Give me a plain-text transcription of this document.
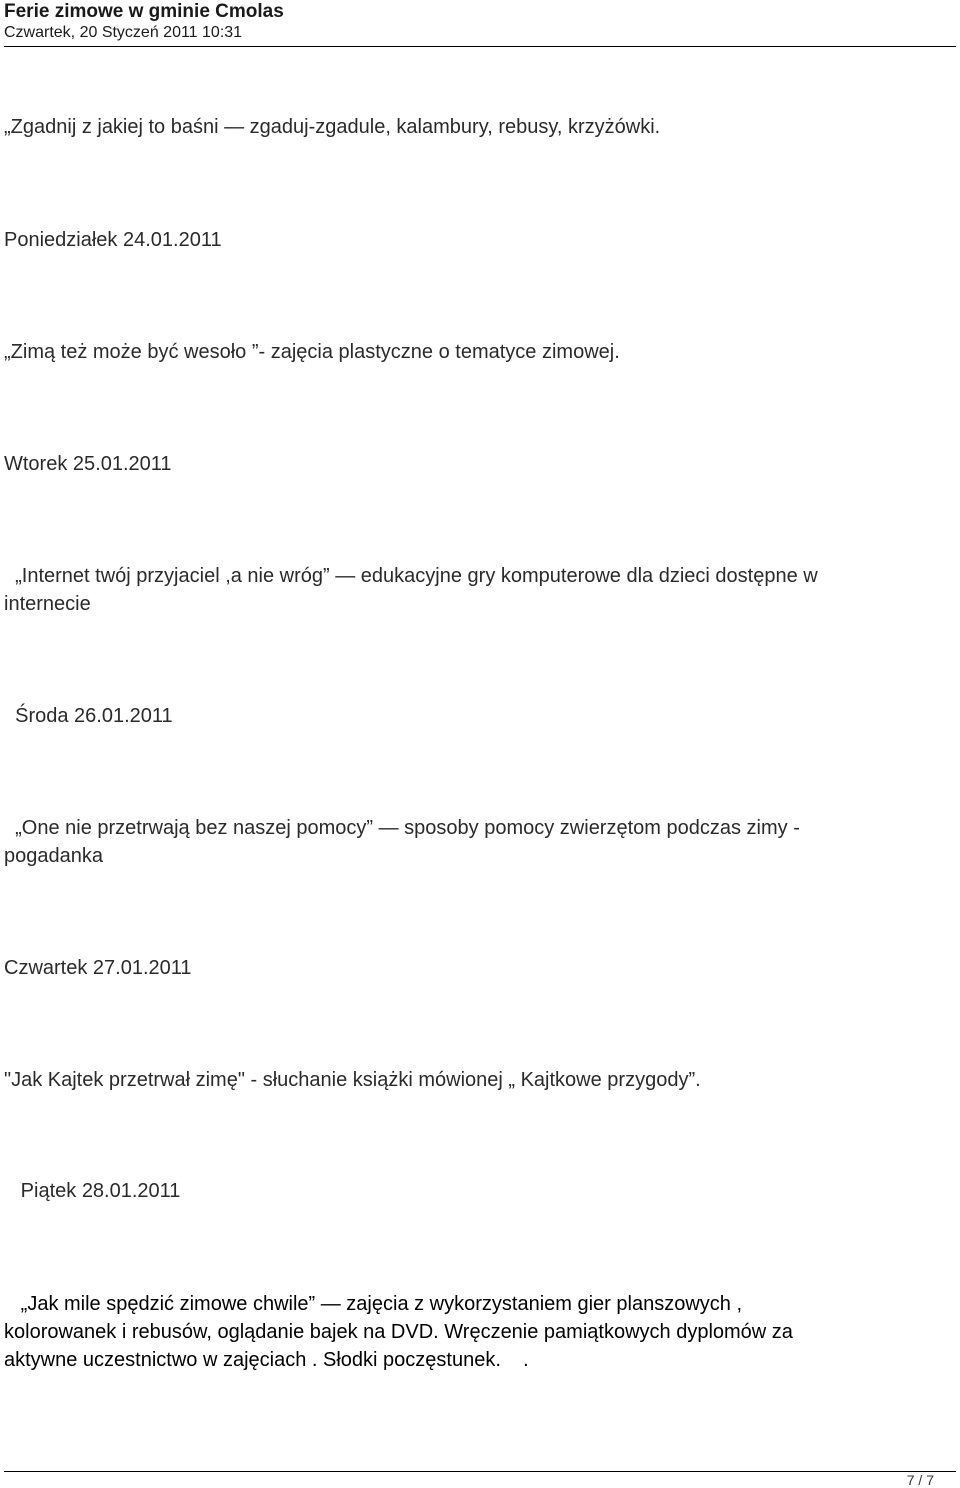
Ferie zimowe w gminie Cmolas
Czwartek, 20 Styczeń 2011 10:31
„Zgadnij z jakiej to baśni — zgaduj-zgadule, kalambury, rebusy, krzyżówki.
Poniedziałek 24.01.2011
„Zimą też może być wesoło ”- zajęcia plastyczne o tematyce zimowej.
Wtorek 25.01.2011
„Internet twój przyjaciel ,a nie wróg” — edukacyjne gry komputerowe dla dzieci dostępne w
internecie
Środa 26.01.2011
„One nie przetrwają bez naszej pomocy” — sposoby pomocy zwierzętom podczas zimy -
pogadanka
Czwartek 27.01.2011
"Jak Kajtek przetrwał zimę" - słuchanie książki mówionej „ Kajtkowe przygody”.
Piątek 28.01.2011
„Jak mile spędzić zimowe chwile” — zajęcia z wykorzystaniem gier planszowych ,
kolorowanek i rebusów, oglądanie bajek na DVD. Wręczenie pamiątkowych dyplomów za
aktywne uczestnictwo w zajęciach . Słodki poczęstunek.    .
7 / 7
